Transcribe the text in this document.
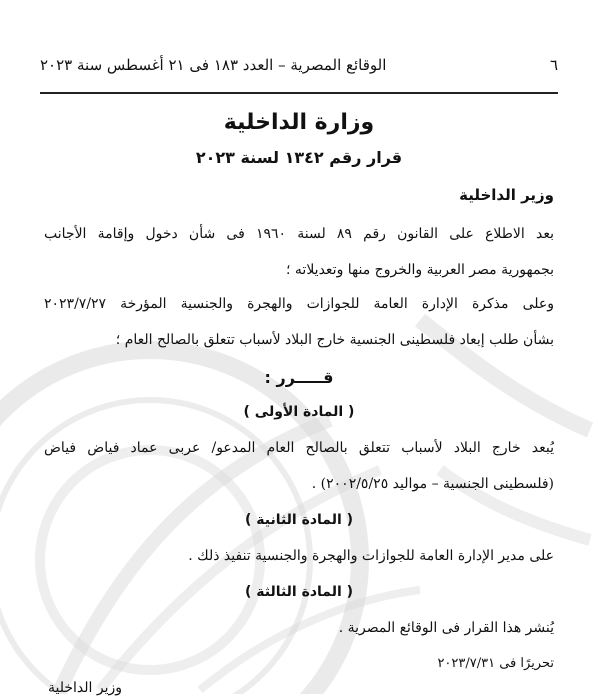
٦
الوقائع المصرية – العدد ١٨٣ فى ٢١ أغسطس سنة ٢٠٢٣
وزارة الداخلية
قرار رقم ١٣٤٢ لسنة ٢٠٢٣
وزير الداخلية
بعد الاطلاع على القانون رقم ٨٩ لسنة ١٩٦٠ فى شأن دخول وإقامة الأجانب
بجمهورية مصر العربية والخروج منها وتعديلاته ؛
وعلى مذكرة الإدارة العامة للجوازات والهجرة والجنسية المؤرخة ٢٠٢٣/٧/٢٧
بشأن طلب إبعاد فلسطينى الجنسية خارج البلاد لأسباب تتعلق بالصالح العام ؛
قـــــرر :
( المادة الأولى )
يُبعد خارج البلاد لأسباب تتعلق بالصالح العام المدعو/ عربى عماد فياض فياض
(فلسطينى الجنسية – مواليد ٢٠٠٢/٥/٢٥) .
( المادة الثانية )
على مدير الإدارة العامة للجوازات والهجرة والجنسية تنفيذ ذلك .
( المادة الثالثة )
يُنشر هذا القرار فى الوقائع المصرية .
تحريرًا فى ٢٠٢٣/٧/٣١
وزير الداخلية
